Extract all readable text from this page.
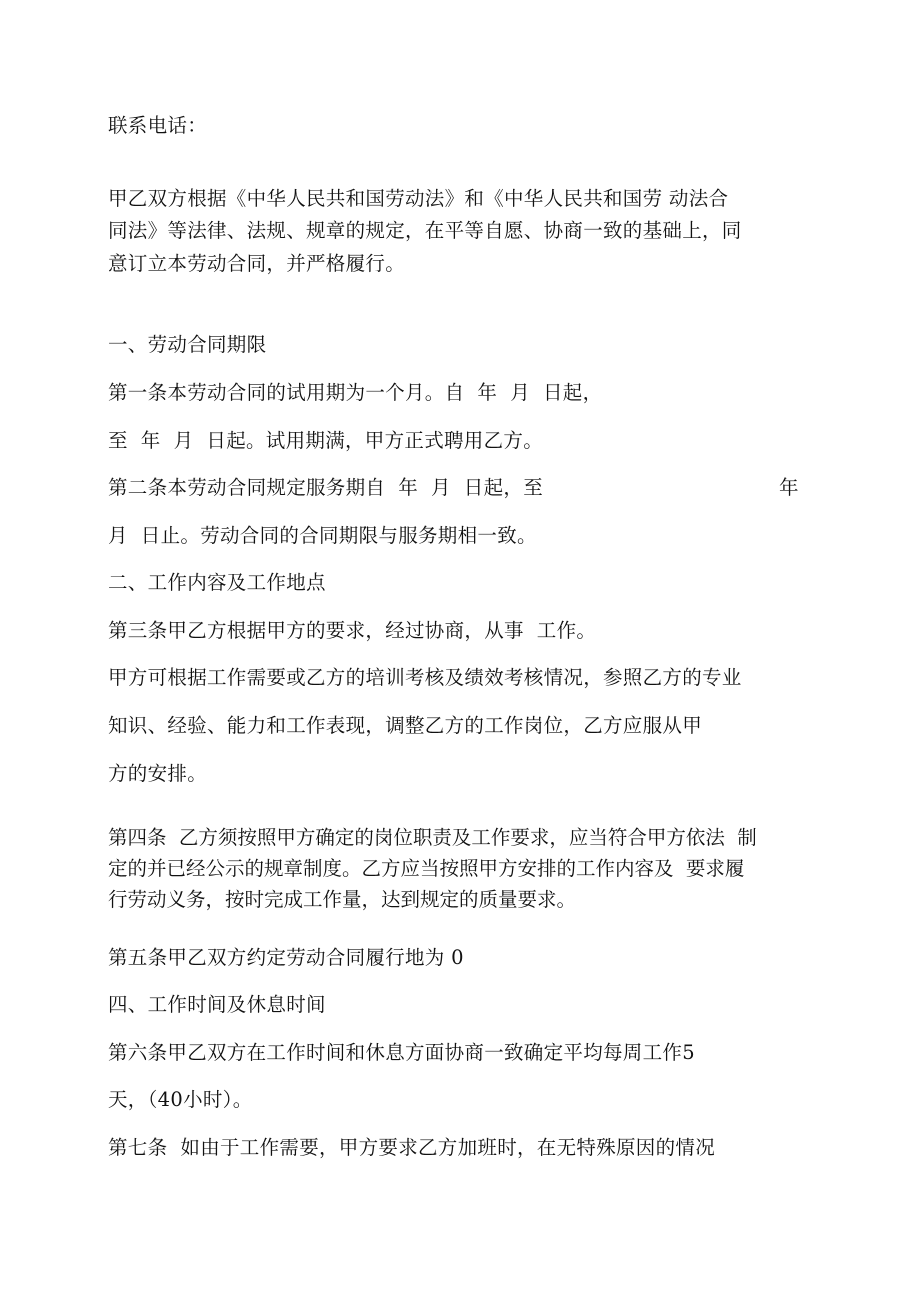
联系电话：
甲乙双方根据《中华人民共和国劳动法》和《中华人民共和国劳 动法合
同法》等法律、法规、规章的规定，在平等自愿、协商一致的基础上，同
意订立本劳动合同，并严格履行。
一、劳动合同期限
第一条本劳动合同的试用期为一个月。自  年  月  日起，
至  年  月  日起。试用期满，甲方正式聘用乙方。
第二条本劳动合同规定服务期自  年  月  日起，至	年
月  日止。劳动合同的合同期限与服务期相一致。
二、工作内容及工作地点
第三条甲乙方根据甲方的要求，经过协商，从事  工作。
甲方可根据工作需要或乙方的培训考核及绩效考核情况，参照乙方的专业
知识、经验、能力和工作表现，调整乙方的工作岗位，乙方应服从甲
方的安排。
第四条  乙方须按照甲方确定的岗位职责及工作要求，应当符合甲方依法  制
定的并已经公示的规章制度。乙方应当按照甲方安排的工作内容及  要求履
行劳动义务，按时完成工作量，达到规定的质量要求。
第五条甲乙双方约定劳动合同履行地为 0
四、工作时间及休息时间
第六条甲乙双方在工作时间和休息方面协商一致确定平均每周工作5
天，（40小时）。
第七条  如由于工作需要，甲方要求乙方加班时，在无特殊原因的情况
